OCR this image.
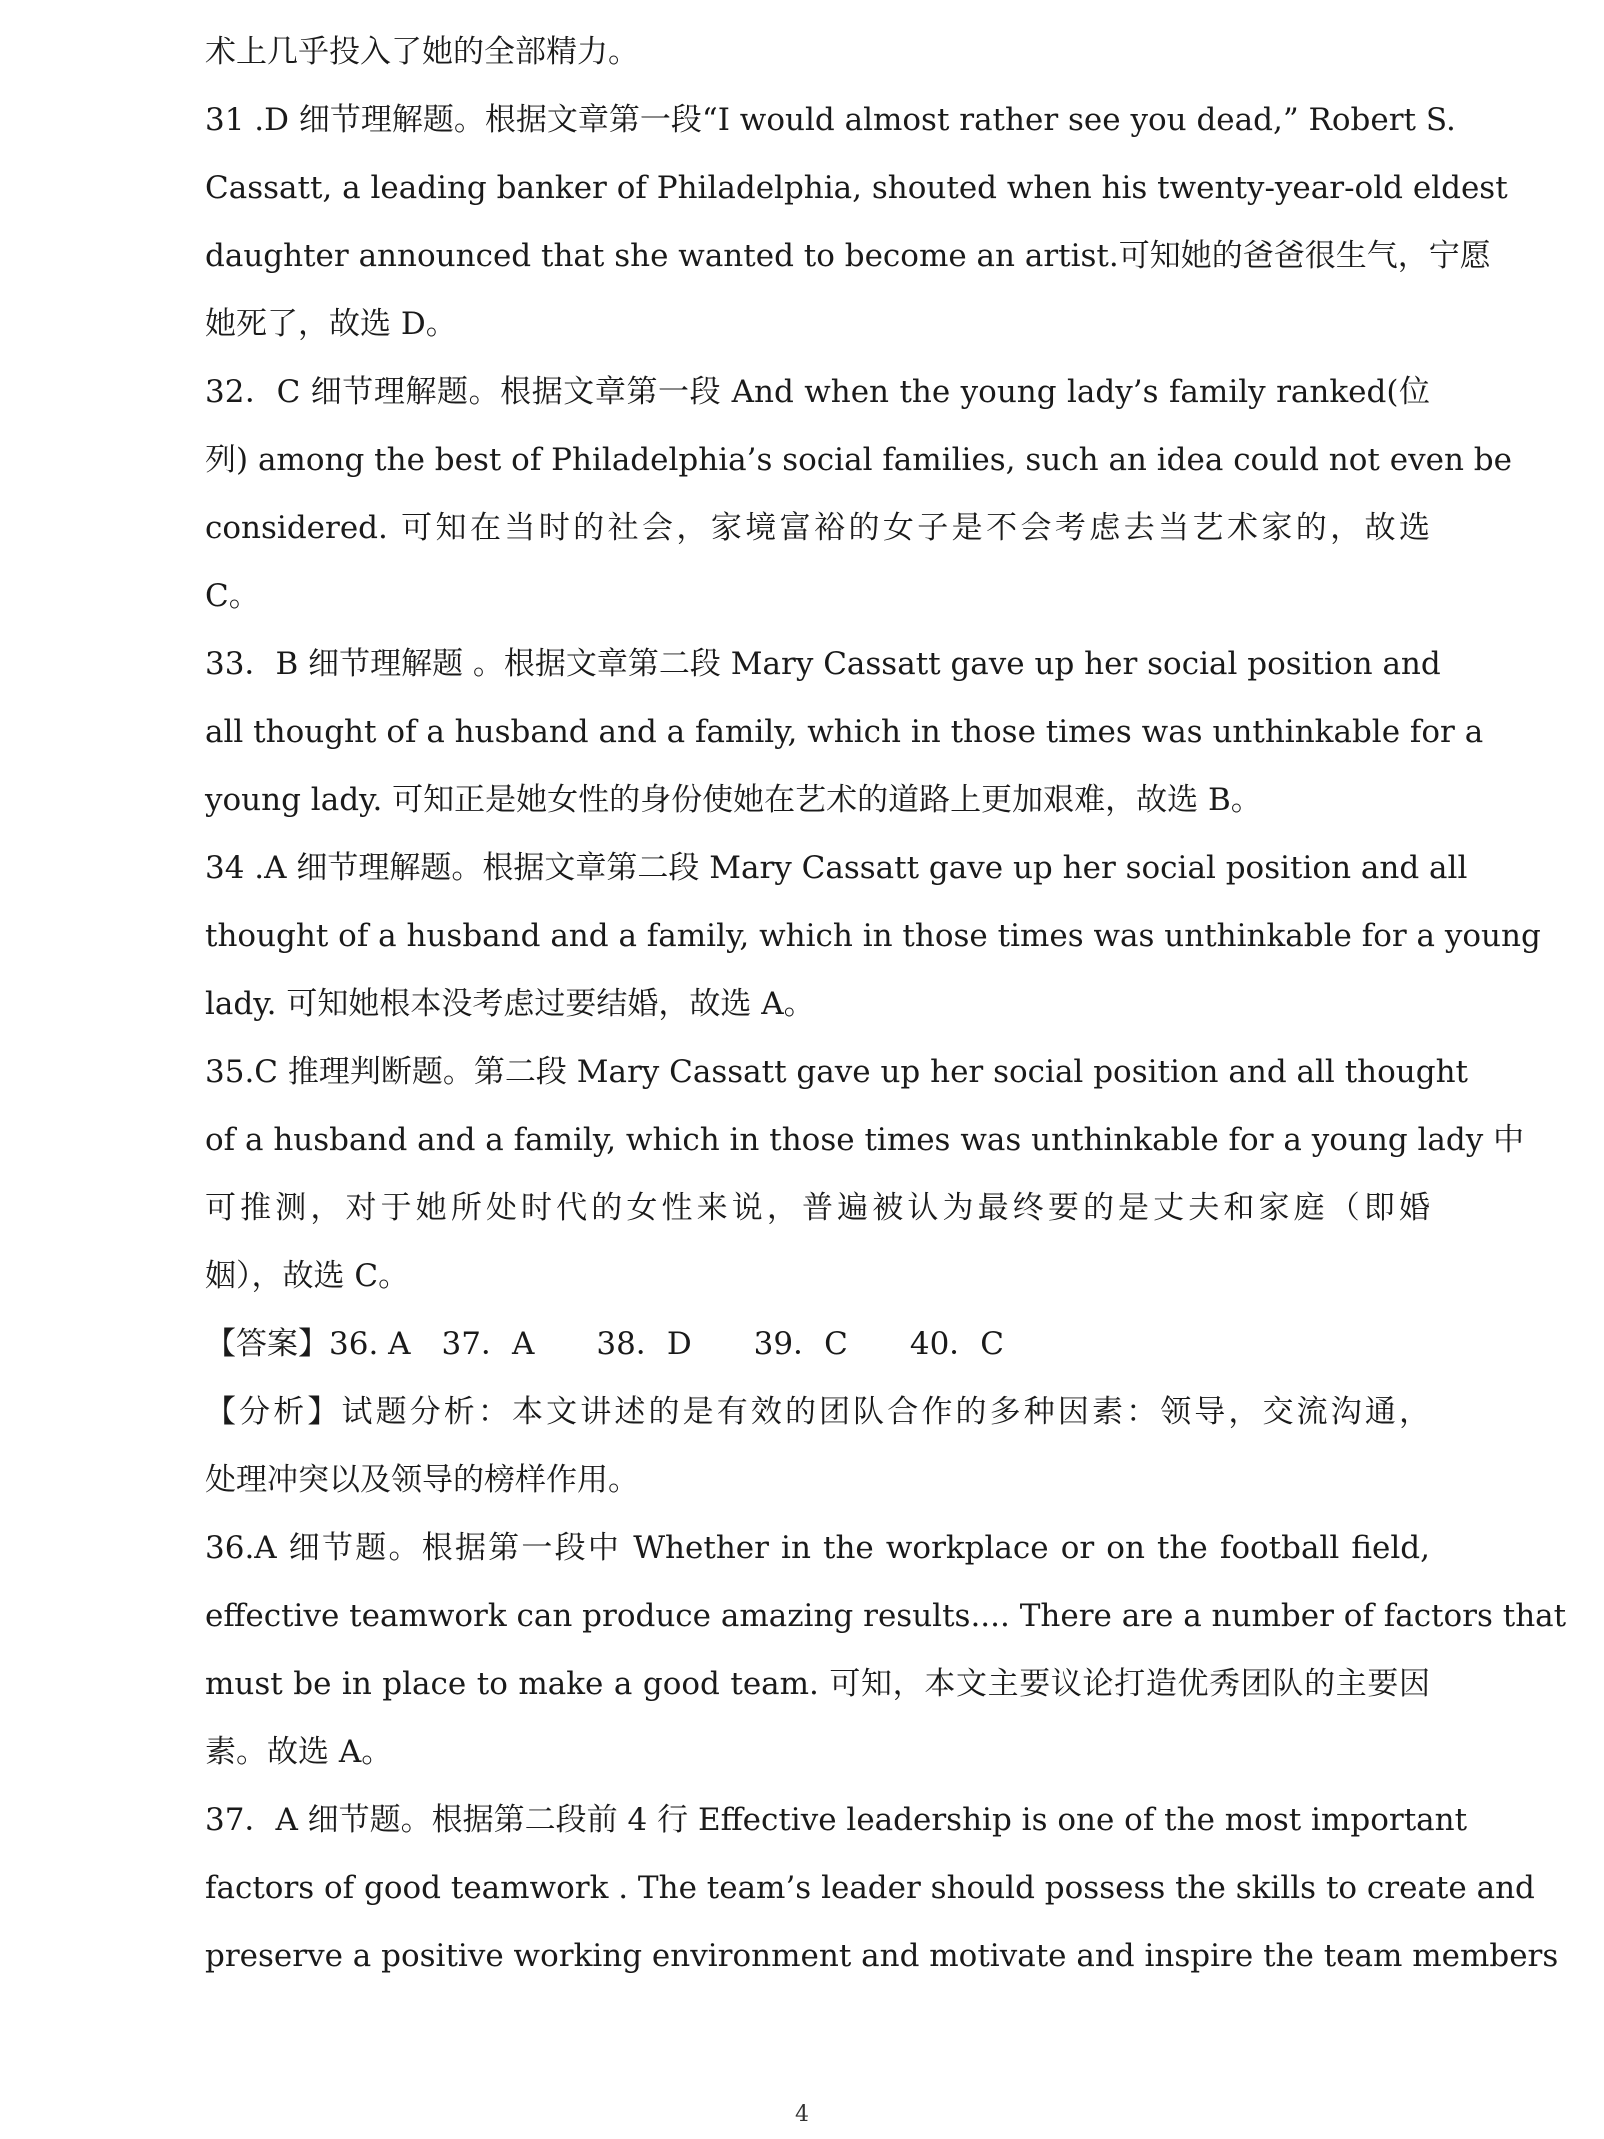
术上几乎投入了她的全部精力。
31 .D 细节理解题。根据文章第一段“I would almost rather see you dead,” Robert S.
Cassatt, a leading banker of Philadelphia, shouted when his twenty-year-old eldest
daughter announced that she wanted to become an artist.可知她的爸爸很生气，宁愿
她死了，故选 D。
32．C 细节理解题。根据文章第一段 And when the young lady’s family ranked(位
列) among the best of Philadelphia’s social families, such an idea could not even be
considered. 可知在当时的社会，家境富裕的女子是不会考虑去当艺术家的，故选
C。
33．B 细节理解题 。根据文章第二段 Mary Cassatt gave up her social position and
all thought of a husband and a family, which in those times was unthinkable for a
young lady. 可知正是她女性的身份使她在艺术的道路上更加艰难，故选 B。
34 .A 细节理解题。根据文章第二段 Mary Cassatt gave up her social position and all
thought of a husband and a family, which in those times was unthinkable for a young
lady. 可知她根本没考虑过要结婚，故选 A。
35.C 推理判断题。第二段 Mary Cassatt gave up her social position and all thought
of a husband and a family, which in those times was unthinkable for a young lady 中
可推测，对于她所处时代的女性来说，普遍被认为最终要的是丈夫和家庭（即婚
姻），故选 C。
【答案】36. A　37．A　　38．D　　39．C　　40．C
【分析】试题分析：本文讲述的是有效的团队合作的多种因素：领导，交流沟通，
处理冲突以及领导的榜样作用。
36.A 细节题。根据第一段中 Whether in the workplace or on the football field,
effective teamwork can produce amazing results.... There are a number of factors that
must be in place to make a good team. 可知，本文主要议论打造优秀团队的主要因
素。故选 A。
37．A 细节题。根据第二段前 4 行 Effective leadership is one of the most important
factors of good teamwork . The team’s leader should possess the skills to create and
preserve a positive working environment and motivate and inspire the team members
4
